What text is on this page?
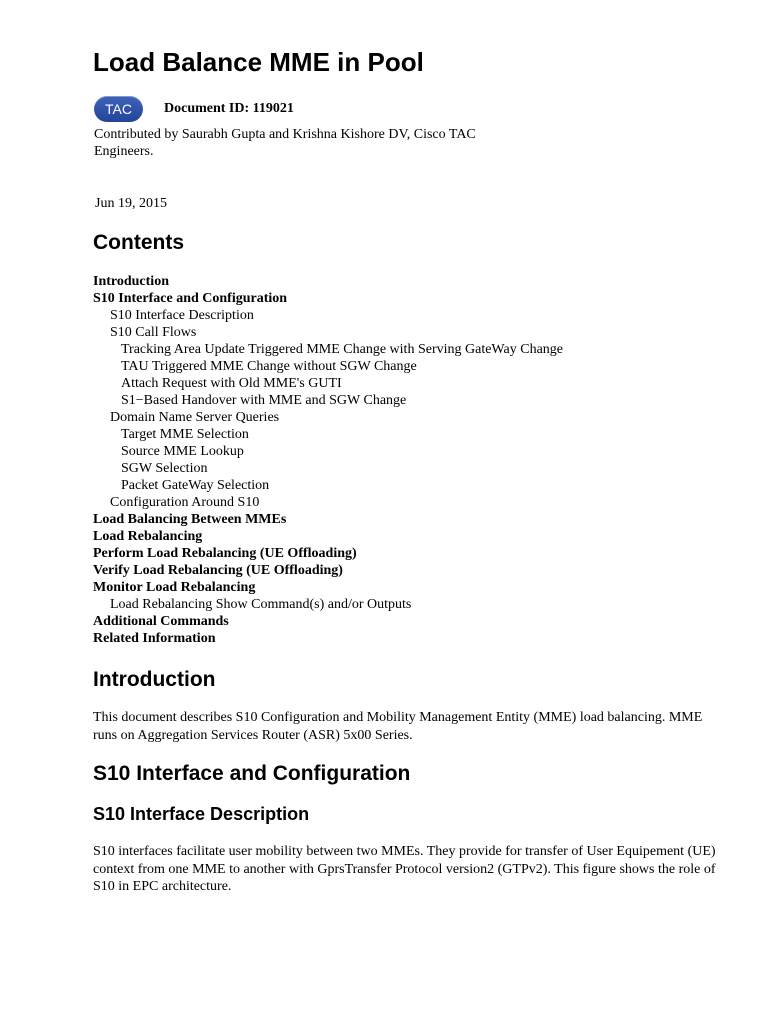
Load Balance MME in Pool
TAC	Document ID: 119021

Contributed by Saurabh Gupta and Krishna Kishore DV, Cisco TAC Engineers.

Jun 19, 2015

Contents
Introduction
S10 Interface and Configuration
S10 Interface Description
S10 Call Flows
Tracking Area Update Triggered MME Change with Serving GateWay Change
TAU Triggered MME Change without SGW Change
Attach Request with Old MME's GUTI
S1−Based Handover with MME and SGW Change
Domain Name Server Queries
Target MME Selection
Source MME Lookup
SGW Selection
Packet GateWay Selection
Configuration Around S10
Load Balancing Between MMEs
Load Rebalancing
Perform Load Rebalancing (UE Offloading)
Verify Load Rebalancing (UE Offloading)
Monitor Load Rebalancing
Load Rebalancing Show Command(s) and/or Outputs
Additional Commands
Related Information
Introduction

This document describes S10 Configuration and Mobility Management Entity (MME) load balancing. MME runs on Aggregation Services Router (ASR) 5x00 Series.

S10 Interface and Configuration
S10 Interface Description

S10 interfaces facilitate user mobility between two MMEs. They provide for transfer of User Equipement (UE) context from one MME to another with GprsTransfer Protocol version2 (GTPv2). This figure shows the role of S10 in EPC architecture.
